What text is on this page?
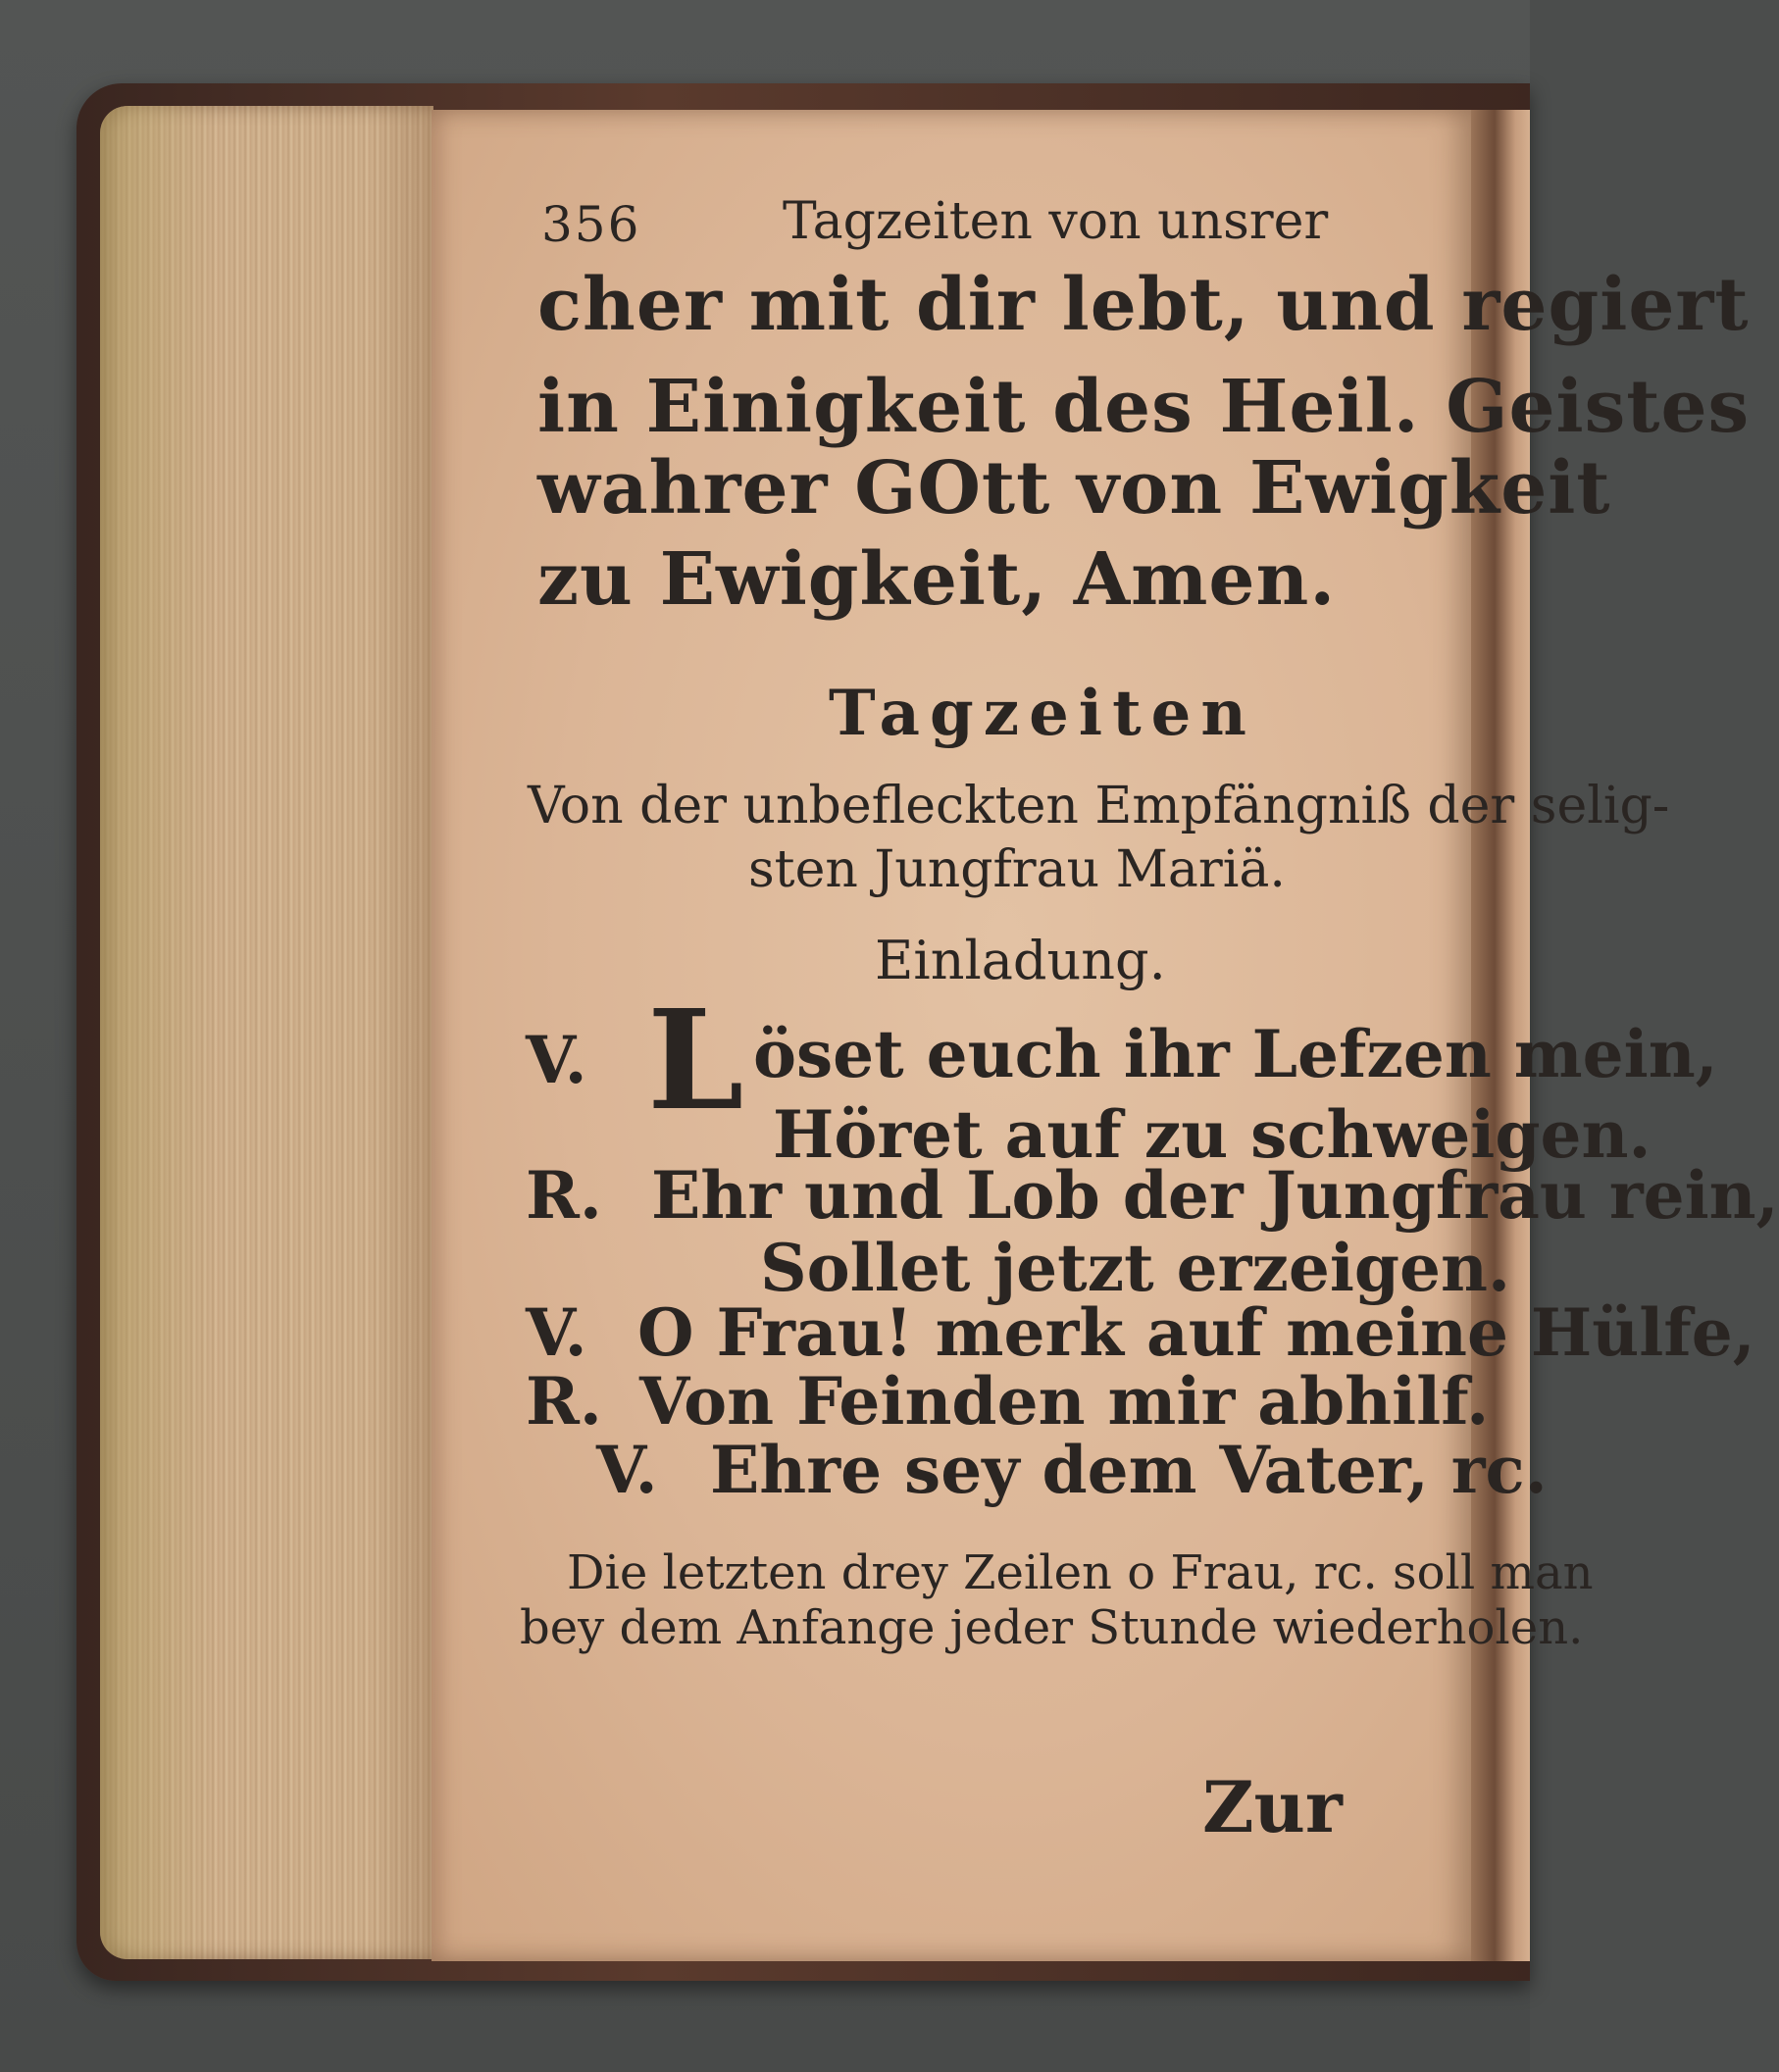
356	Tagzeiten von unsrer
cher mit dir lebt, und regiert
in Einigkeit des Heil. Geistes
wahrer GOtt von Ewigkeit
zu Ewigkeit, Amen.
Tagzeiten
Von der unbefleckten Empfängniß der selig-
sten Jungfrau Mariä.
Einladung.
V. L öset euch ihr Lefzen mein,
Höret auf zu schweigen.
R. Ehr und Lob der Jungfrau rein,
Sollet jetzt erzeigen.
V. O Frau! merk auf meine Hülfe,
R. Von Feinden mir abhilf.
V. Ehre sey dem Vater, rc.
Die letzten drey Zeilen o Frau, rc. soll man
bey dem Anfange jeder Stunde wiederholen.
Zur
